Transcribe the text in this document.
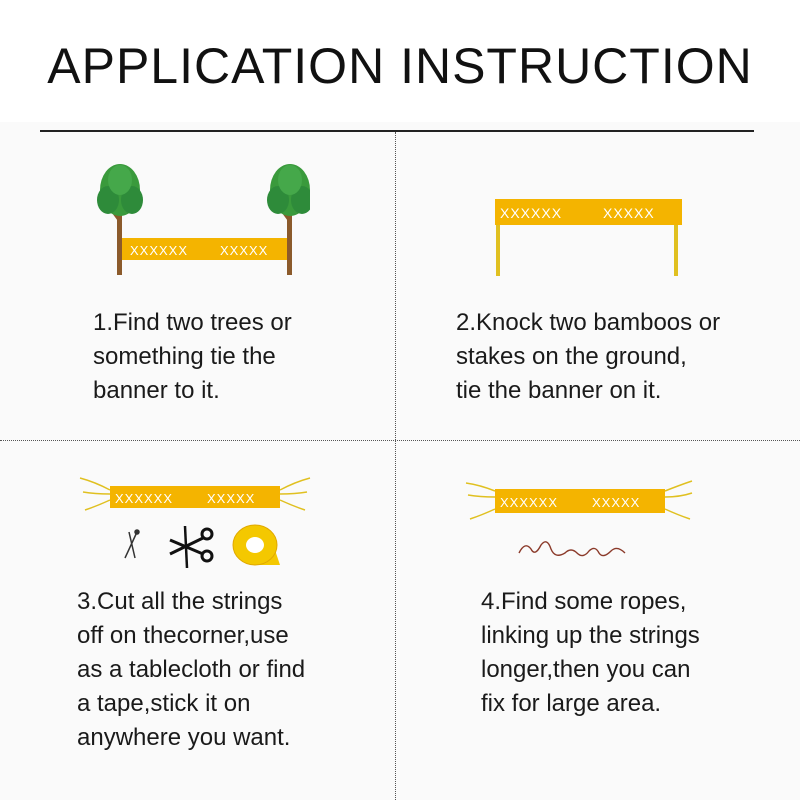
APPLICATION INSTRUCTION
XXXXXX XXXXX
XXXXXX	XXXXX
XXXXXX	XXXXX	XXXXXX	XXXXX
1.Find two trees or
something tie the
banner to it.
2.Knock two bamboos or
stakes on the ground,
tie the banner on it.
3.Cut all the strings
off on thecorner,use
as a tablecloth or find
a tape,stick it on
anywhere you want.
4.Find some ropes,
linking up the strings
longer,then you can
fix for large area.
